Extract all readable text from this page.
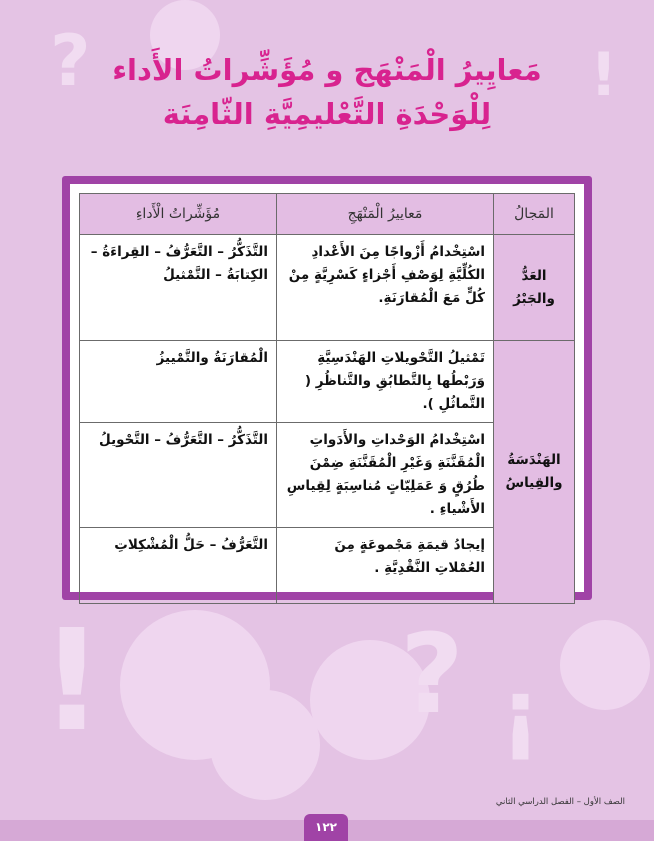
?	!
!	? ¡
مَعايِيرُ الْمَنْهَج و مُؤَشِّراتُ الأَداء
لِلْوَحْدَةِ التَّعْليمِيَّةِ الثّامِنَة
المَجالُ	مَعاييرُ الْمَنْهَجِ	مُؤَشِّراتُ الْأَداءِ
العَدُّ والجَبْرُ	اسْتِخْدامُ أَزْواجًا مِنَ الأَعْدادِ الكُلِّيَّةِ لِوَصْفِ أَجْزاءٍ كَسْرِيَّةٍ مِنْ كُلٍّ مَعَ الْمُقارَنَةِ.	التَّذَكُّرُ – التَّعَرُّفُ – القِراءَةُ – الكِتابَةُ – التَّمْثيلُ
الهَنْدَسَةُ والقِياسُ	تَمْثيلُ التَّحْويلاتِ الهَنْدَسِيَّةِ وَرَبْطُها بِالتَّطابُقِ والتَّناظُرِ ( التَّماثُلِ ).	الْمُقارَنَةُ والتَّمْييزُ
	اسْتِخْدامُ الوَحْداتِ والأَدَواتِ الْمُقَنَّنَةِ وَغَيْرِ الْمُقَنَّنَةِ ضِمْنَ طُرُقٍ وَ عَمَلِيّاتٍ مُناسِبَةٍ لِقِياسِ الأَشْياءِ .	التَّذَكُّرُ – التَّعَرُّفُ – التَّحْويلُ
	إيجادُ قيمَةِ مَجْموعَةٍ مِنَ العُمْلاتِ النَّقْدِيَّةِ .	التَّعَرُّفُ – حَلُّ الْمُشْكِلاتِ
الصف الأول – الفصل الدراسي الثاني
١٢٢
